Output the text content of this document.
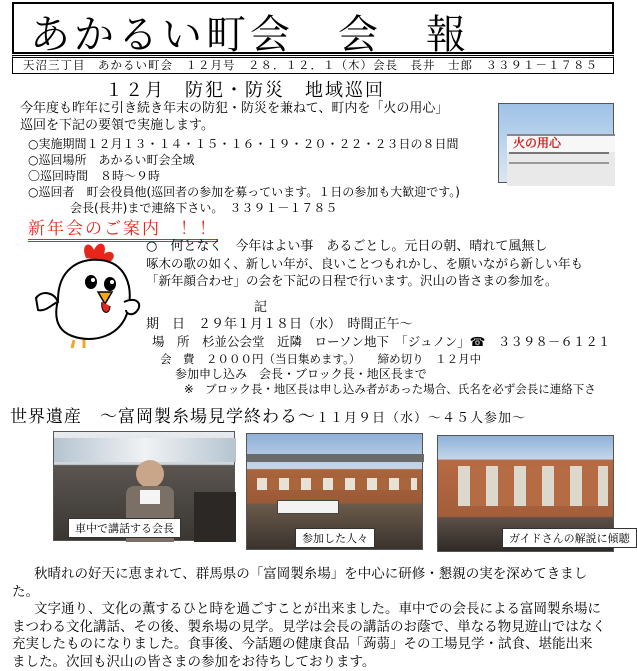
あかるい町会　会　報
天沼三丁目　あかるい町会　１２月号　２８．１２．１（木）会長　長井　士郎　３３９１－１７８５
１２月　防犯・防災　地域巡回
今年度も昨年に引き続き年末の防犯・防災を兼ねて、町内を「火の用心」
巡回を下記の要領で実施します。
○実施期間１２月１３・１４・１５・１６・１９・２０・２２・２３日の８日間
○巡回場所　あかるい町会全域
〇巡回時間　８時～９時
○巡回者　町会役員他(巡回者の参加を募っています。１日の参加も大歓迎です。)
会長(長井)まで連絡下さい。　３３９１－１７８５
火の用心
新年会のご案内　！！
○　何となく　今年はよい事　あるごとし。元日の朝、晴れて風無し
啄木の歌の如く、新しい年が、良いことつもれかし、を願いながら新しい年も
「新年顔合わせ」の会を下記の日程で行います。沢山の皆さまの参加を。
記
期　日　２９年１月１８日（水）　時間正午～
場　所　杉並公会堂　近隣　ローソン地下　「ジュノン」☎　３３９８－６１２１
会　費　２０００円（当日集めます。）　　締め切り　１２月中
参加申し込み　会長・ブロック長・地区長まで
※　ブロック長・地区長は申し込み者があった場合、氏名を必ず会長に連絡下さ
世界遺産　～富岡製糸場見学終わる～１１月９日（水）～４５人参加～
車中で講話する会長
参加した人々	ガイドさんの解説に傾聴
秋晴れの好天に恵まれて、群馬県の「富岡製糸場」を中心に研修・懇親の実を深めてきまし
た。
文字通り、文化の薫するひと時を過ごすことが出来ました。車中での会長による富岡製糸場に
まつわる文化講話、その後、製糸場の見学。見学は会長の講話のお蔭で、単なる物見遊山ではなく
充実したものになりました。食事後、今話題の健康食品「蒟蒻」その工場見学・試食、堪能出来
ました。次回も沢山の皆さまの参加をお待ちしております。
